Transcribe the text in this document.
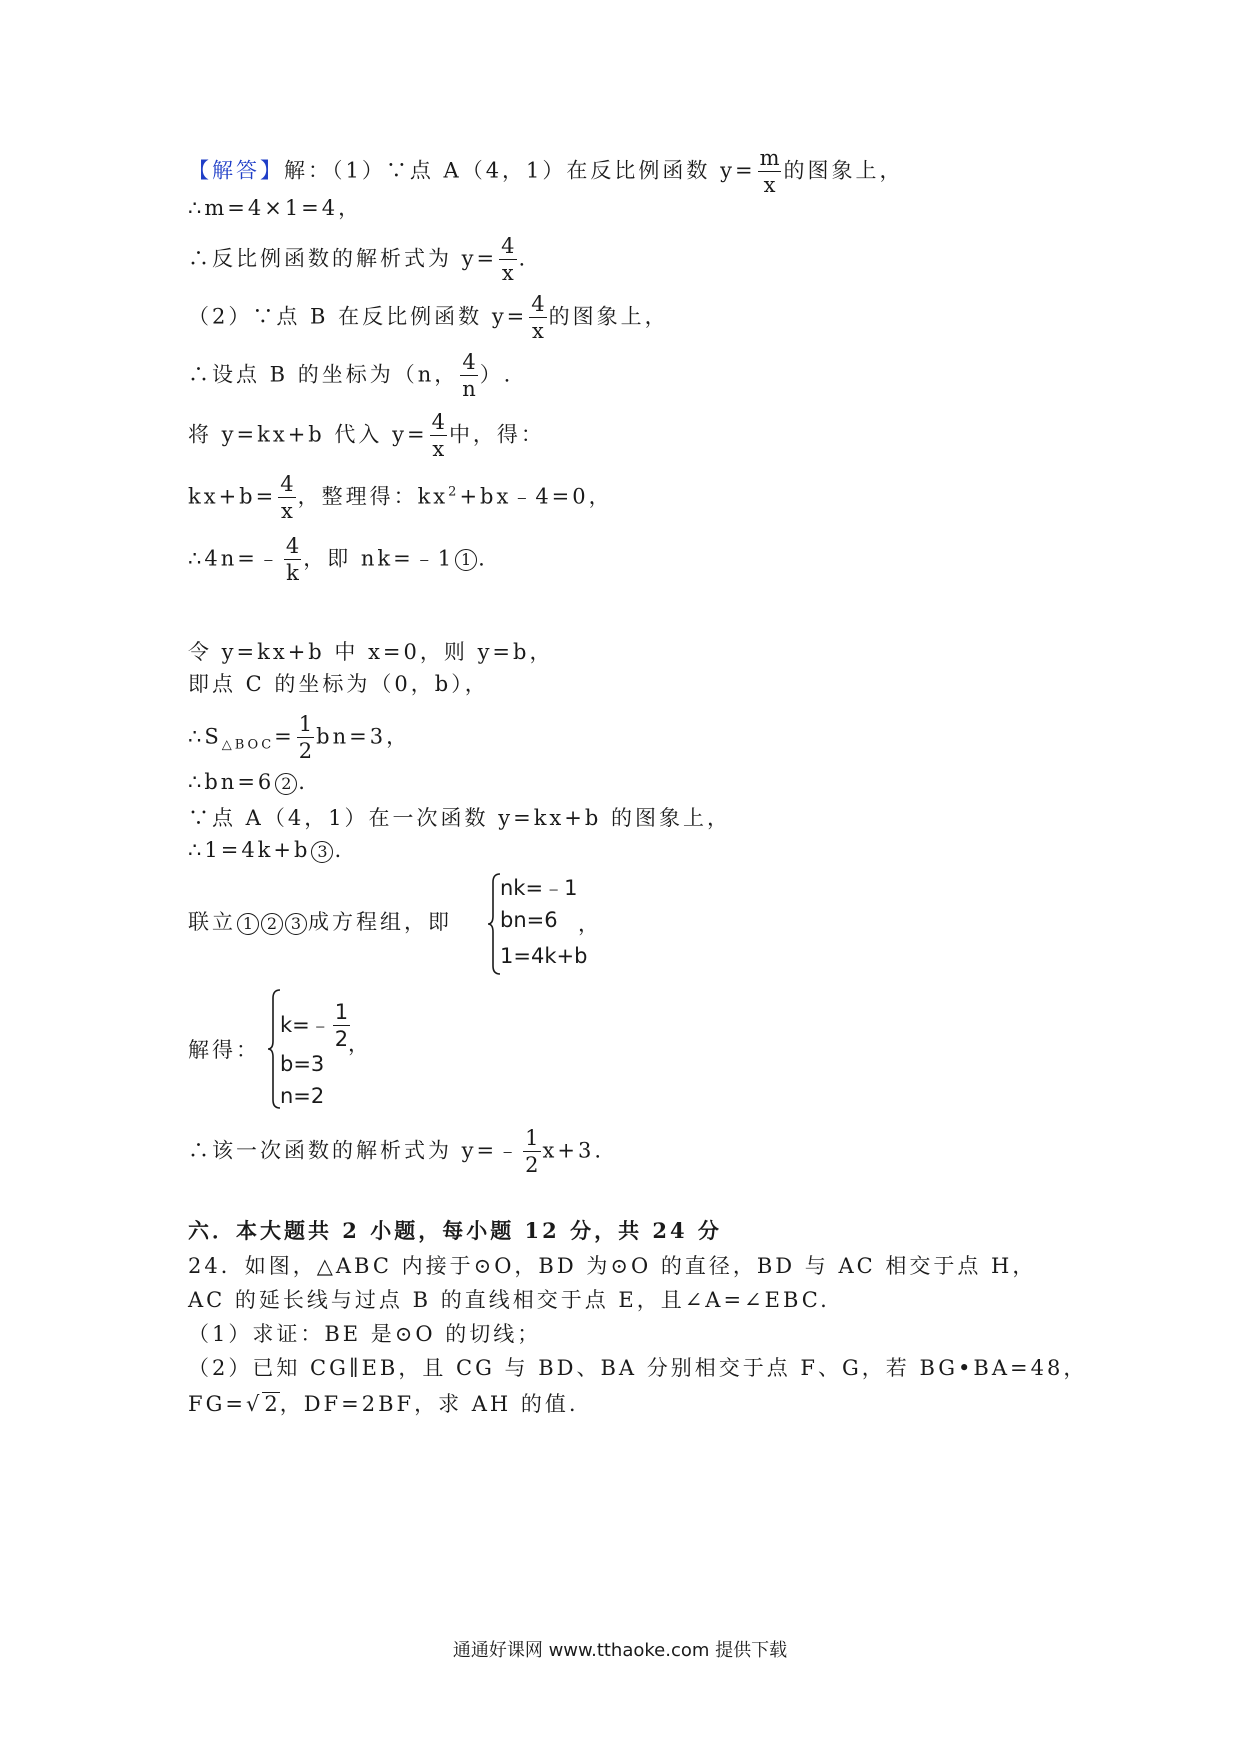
【解答】解：（1）∵点 A（4，1）在反比例函数 $y= \frac{m}{x}$ 的图象上，
∴m=4×1=4，
∴反比例函数的解析式为 $y= \frac{4}{x}$ .
（2）∵点 B 在反比例函数 $y= \frac{4}{x}$ 的图象上，
∴设点 B 的坐标为（n， $\frac{4}{n}$ ）.
将 y=kx+b 代入 $y= \frac{4}{x}$ 中，得：
$kx+b= \frac{4}{x}$ ，整理得：$kx^2+bx﹣4=0$，
∴4n=﹣ $\frac{4}{k}$ ，即 nk=﹣1 1 .
令 y=kx+b 中 x=0，则 y=b，
即点 C 的坐标为（0，b），
$\therefore S_{\triangle BOC}= \frac{1}{2} bn=3$，
∴bn=6 2 .
∵点 A（4，1）在一次函数 y=kx+b 的图象上，
∴1=4k+b 3 .
联立 1 2 3 成方程组，即
nk=﹣1
bn=6
1=4k+b
，
解得：
k=﹣ $\frac{1}{2}$
b=3
n=2
，
∴该一次函数的解析式为 y=﹣ $\frac{1}{2} x+3$.
六．本大题共 2 小题，每小题 12 分，共 24 分
24．如图，△ABC 内接于⊙O，BD 为⊙O 的直径，BD 与 AC 相交于点 H，
AC 的延长线与过点 B 的直线相交于点 E，且∠A=∠EBC.
（1）求证：BE 是⊙O 的切线；
（2）已知 CG∥EB，且 CG 与 BD、BA 分别相交于点 F、G，若 BG•BA=48，
FG=√2，DF=2BF，求 AH 的值.
通通好课网 www.tthaoke.com 提供下载
